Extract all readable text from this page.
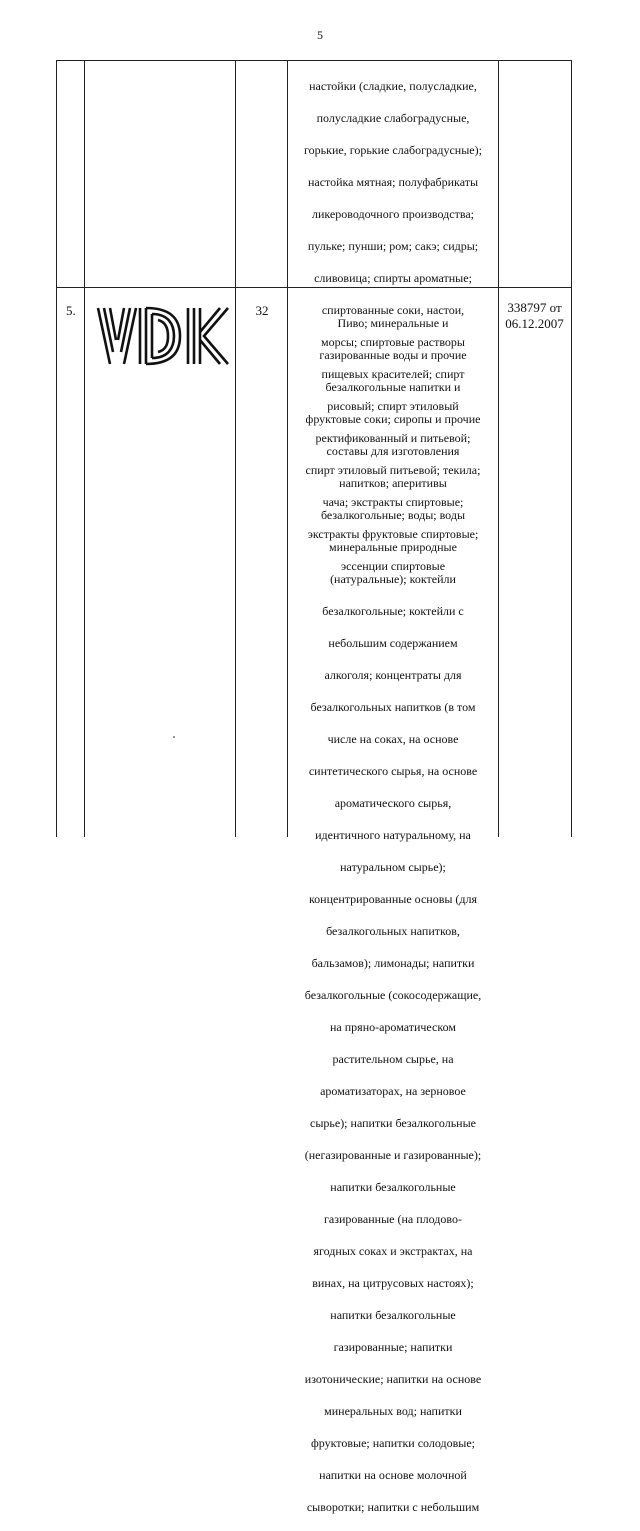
5

настойки (сладкие, полусладкие,

полусладкие слабоградусные,

горькие, горькие слабоградусные);

настойка мятная; полуфабрикаты

ликероводочного производства;

пульке; пунши; ром; сакэ; сидры;

сливовица; спирты ароматные;

спиртованные соки, настои,

морсы; спиртовые растворы

пищевых красителей; спирт

рисовый; спирт этиловый

ректификованный и питьевой;

спирт этиловый питьевой; текила;

чача; экстракты спиртовые;

экстракты фруктовые спиртовые;

эссенции спиртовые

5.	32

Пиво; минеральные и

газированные воды и прочие

безалкогольные напитки и

фруктовые соки; сиропы и прочие

составы для изготовления

напитков; аперитивы

безалкогольные; воды; воды

минеральные природные

(натуральные); коктейли

безалкогольные; коктейли с

небольшим содержанием

алкоголя; концентраты для

безалкогольных напитков (в том

числе на соках, на основе

синтетического сырья, на основе

ароматического сырья,

идентичного натуральному, на

натуральном сырье);

концентрированные основы (для

безалкогольных напитков,

бальзамов); лимонады; напитки

безалкогольные (сокосодержащие,

на пряно-ароматическом

растительном сырье, на

ароматизаторах, на зерновое

сырье); напитки безалкогольные

(негазированные и газированные);

напитки безалкогольные

газированные (на плодово-

ягодных соках и экстрактах, на

винах, на цитрусовых настоях);

напитки безалкогольные

газированные; напитки

изотонические; напитки на основе

минеральных вод; напитки

фруктовые; напитки солодовые;

напитки на основе молочной

сыворотки; напитки с небольшим

338797 от
06.12.2007
